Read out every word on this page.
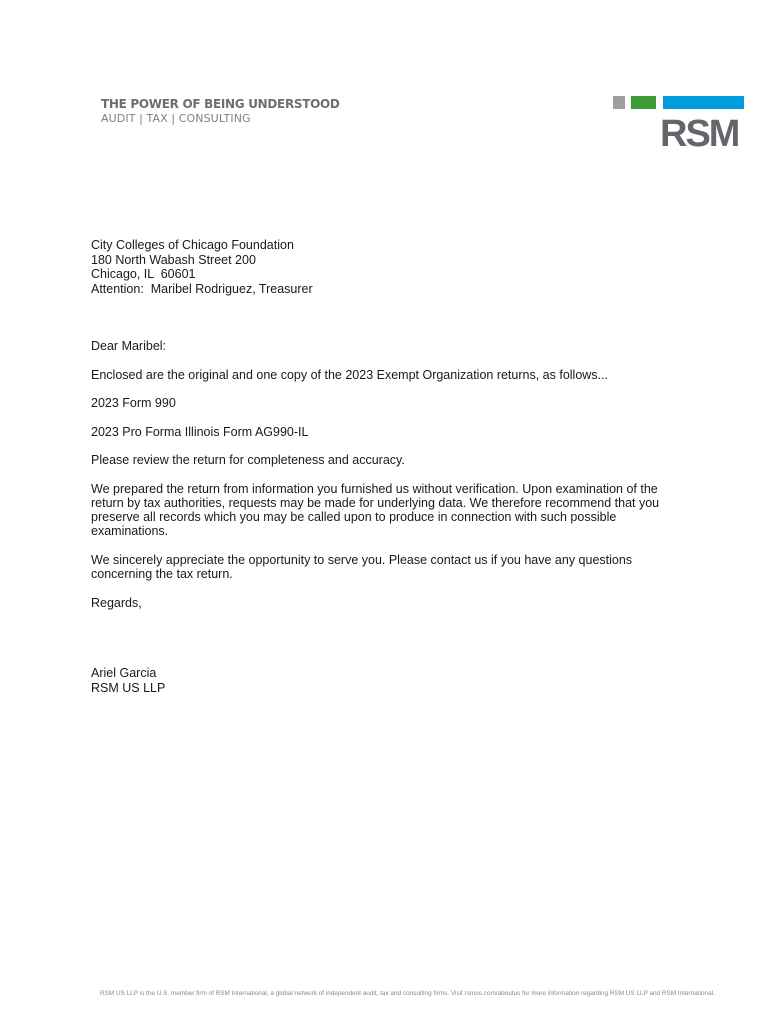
THE POWER OF BEING UNDERSTOOD
AUDIT | TAX | CONSULTING	RSM
City Colleges of Chicago Foundation
180 North Wabash Street 200
Chicago, IL  60601
Attention:  Maribel Rodriguez, Treasurer
Dear Maribel:
Enclosed are the original and one copy of the 2023 Exempt Organization returns, as follows...
2023 Form 990
2023 Pro Forma Illinois Form AG990-IL
Please review the return for completeness and accuracy.
We prepared the return from information you furnished us without verification. Upon examination of the return by tax authorities, requests may be made for underlying data. We therefore recommend that you preserve all records which you may be called upon to produce in connection with such possible examinations.
We sincerely appreciate the opportunity to serve you. Please contact us if you have any questions concerning the tax return.
Regards,
Ariel Garcia
RSM US LLP
RSM US LLP is the U.S. member firm of RSM International, a global network of independent audit, tax and consulting firms. Visit rsmus.com/aboutus for more information regarding RSM US LLP and RSM International.
